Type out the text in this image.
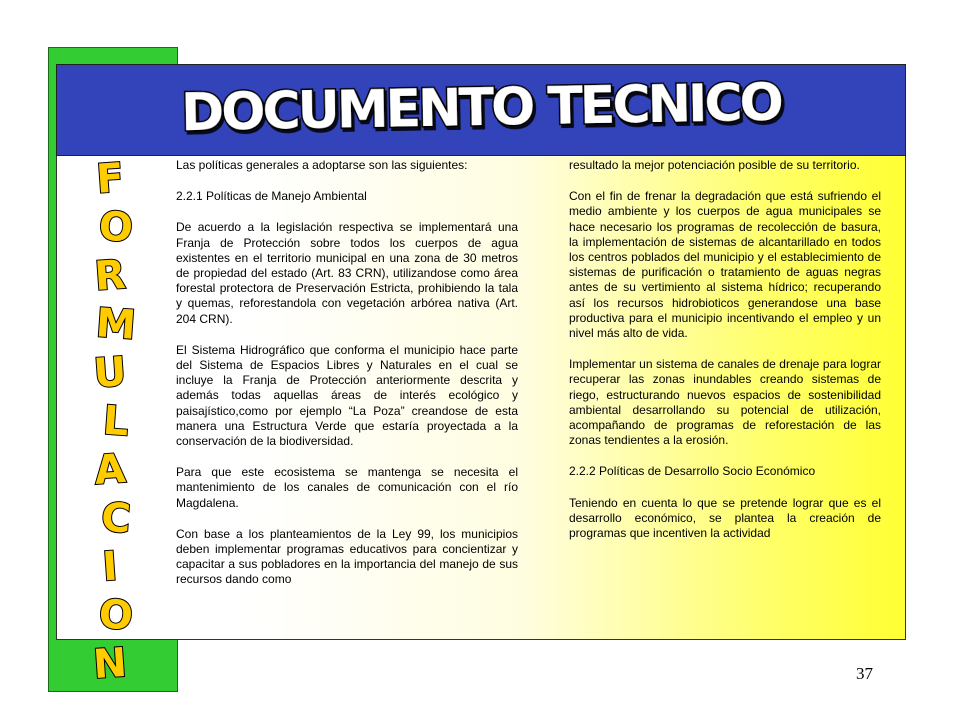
DOCUMENTO TECNICO
F
O
R
M
U
L
A
C
I
O
N

Las políticas generales a adoptarse son las siguientes:

2.2.1 Políticas de Manejo Ambiental

De acuerdo a la legislación respectiva se implementará una Franja de Protección sobre todos los cuerpos de agua existentes en el territorio municipal en una zona de 30 metros de propiedad del estado (Art. 83 CRN), utilizandose como área forestal protectora de Preservación Estricta, prohibiendo la tala y quemas, reforestandola con vegetación arbórea nativa (Art. 204 CRN).

El Sistema Hidrográfico que conforma el municipio hace parte del Sistema de Espacios Libres y Naturales en el cual se incluye la Franja de Protección anteriormente descrita y además todas aquellas áreas de interés ecológico y paisajístico,como por ejemplo “La Poza” creandose de esta manera una Estructura Verde que estaría proyectada a la conservación de la biodiversidad.

Para que este ecosistema se mantenga se necesita el mantenimiento de los canales de comunicación con el río Magdalena.

Con base a los planteamientos de la Ley 99, los municipios deben implementar programas educativos para concientizar y capacitar a sus pobladores en la importancia del manejo de sus recursos dando como

resultado la mejor potenciación posible de su territorio.

Con el fin de frenar la degradación que está sufriendo el medio ambiente y los cuerpos de agua municipales se hace necesario los programas de recolección de basura, la implementación de sistemas de alcantarillado en todos los centros poblados del municipio y el establecimiento de sistemas de purificación o tratamiento de aguas negras antes de su vertimiento al sistema hídrico; recuperando así los recursos hidrobioticos generandose una base productiva para el municipio incentivando el empleo y un nivel más alto de vida.

Implementar un sistema de canales de drenaje para lograr recuperar las zonas inundables creando sistemas de riego, estructurando nuevos espacios de sostenibilidad ambiental desarrollando su potencial de utilización, acompañando de programas de reforestación de las zonas tendientes a la erosión.

2.2.2 Políticas de Desarrollo Socio Económico

Teniendo en cuenta lo que se pretende lograr que es el desarrollo económico, se plantea la creación de programas que incentiven la actividad

37
